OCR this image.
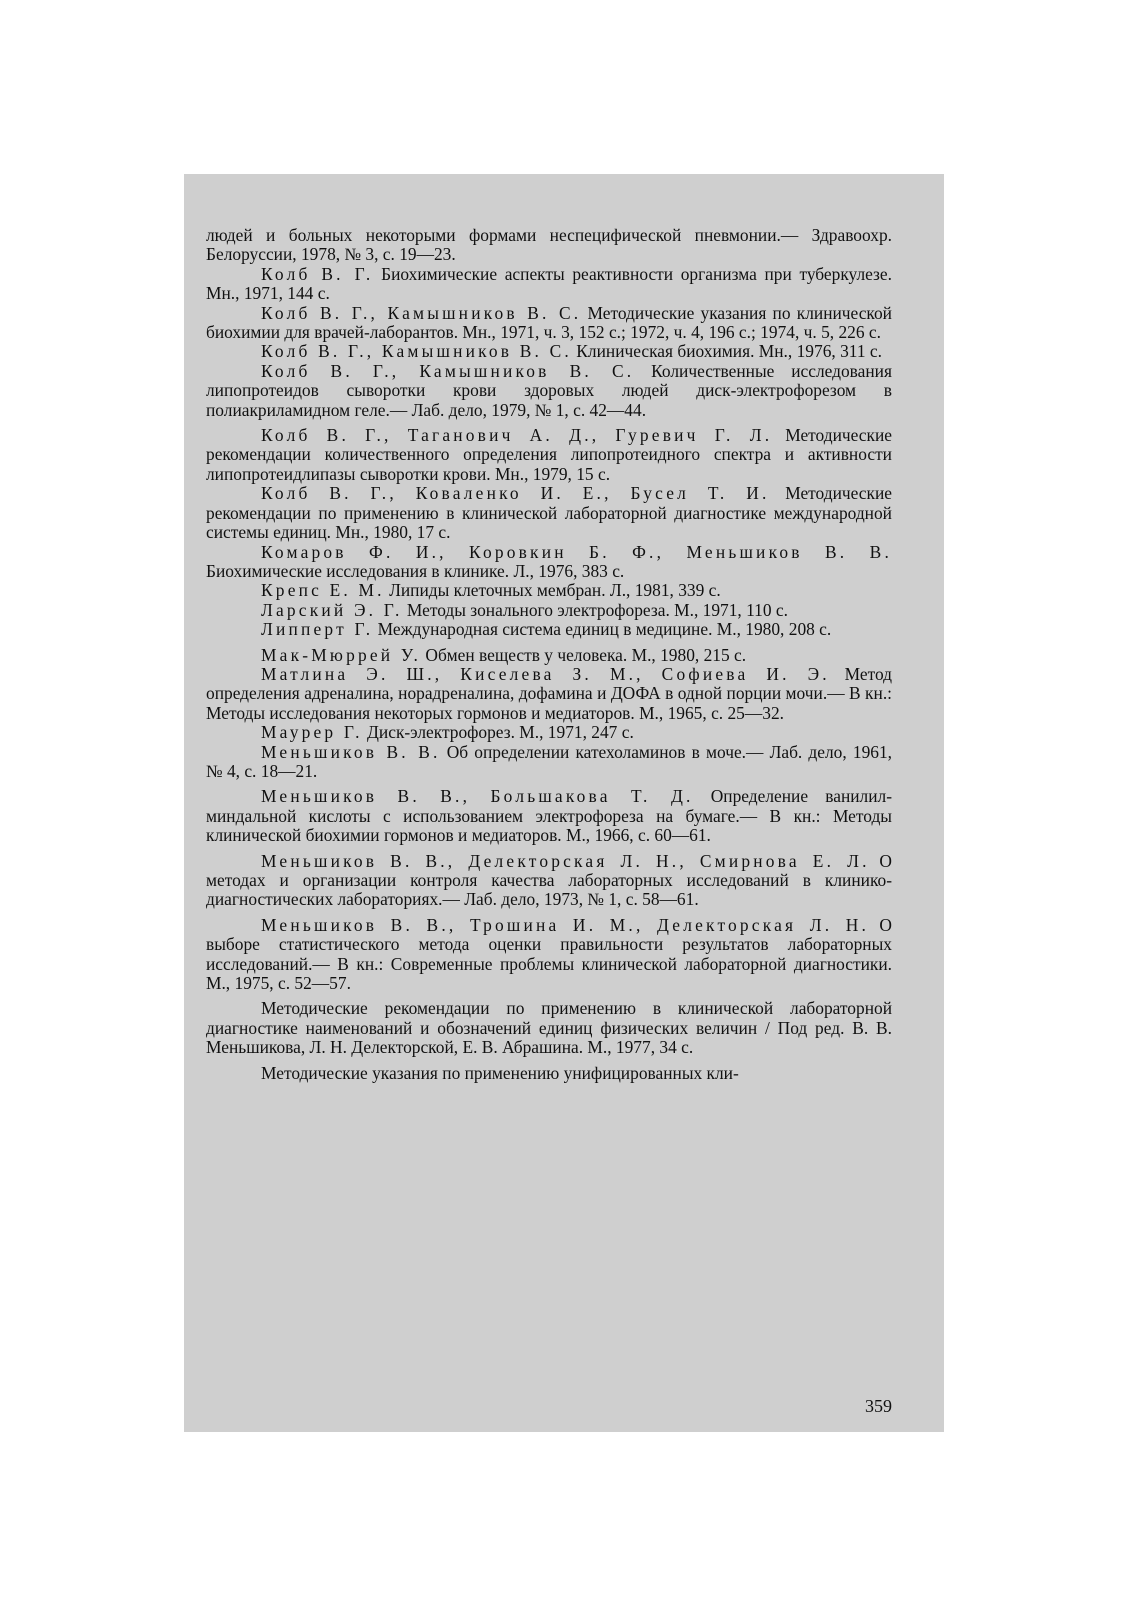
людей и больных некоторыми формами неспецифической пневмонии.— Здравоохр. Белоруссии, 1978, № 3, с. 19—23.

Колб В. Г. Биохимические аспекты реактивности организма при туберкулезе. Мн., 1971, 144 с.

Колб В. Г., Камышников В. С. Методические указания по клинической биохимии для врачей-лаборантов. Мн., 1971, ч. 3, 152 с.; 1972, ч. 4, 196 с.; 1974, ч. 5, 226 с.

Колб В. Г., Камышников В. С. Клиническая биохимия. Мн., 1976, 311 с.

Колб В. Г., Камышников В. С. Количественные исследования липопротеидов сыворотки крови здоровых людей диск-электрофорезом в полиакриламидном геле.— Лаб. дело, 1979, № 1, с. 42—44.

Колб В. Г., Таганович А. Д., Гуревич Г. Л. Методические рекомендации количественного определения липопротеидного спектра и активности липопротеидлипазы сыворотки крови. Мн., 1979, 15 с.

Колб В. Г., Коваленко И. Е., Бусел Т. И. Методические рекомендации по применению в клинической лабораторной диагностике международной системы единиц. Мн., 1980, 17 с.

Комаров Ф. И., Коровкин Б. Ф., Меньшиков В. В. Биохимические исследования в клинике. Л., 1976, 383 с.

Крепс Е. М. Липиды клеточных мембран. Л., 1981, 339 с.

Ларский Э. Г. Методы зонального электрофореза. М., 1971, 110 с.

Липперт Г. Международная система единиц в медицине. М., 1980, 208 с.

Мак-Мюррей У. Обмен веществ у человека. М., 1980, 215 с.

Матлина Э. Ш., Киселева З. М., Софиева И. Э. Метод определения адреналина, норадреналина, дофамина и ДОФА в одной порции мочи.— В кн.: Методы исследования некоторых гормонов и медиаторов. М., 1965, с. 25—32.

Маурер Г. Диск-электрофорез. М., 1971, 247 с.

Меньшиков В. В. Об определении катехоламинов в моче.— Лаб. дело, 1961, № 4, с. 18—21.

Меньшиков В. В., Большакова Т. Д. Определение ванилил-миндальной кислоты с использованием электрофореза на бумаге.— В кн.: Методы клинической биохимии гормонов и медиаторов. М., 1966, с. 60—61.

Меньшиков В. В., Делекторская Л. Н., Смирнова Е. Л. О методах и организации контроля качества лабораторных исследований в клинико-диагностических лабораториях.— Лаб. дело, 1973, № 1, с. 58—61.

Меньшиков В. В., Трошина И. М., Делекторская Л. Н. О выборе статистического метода оценки правильности результатов лабораторных исследований.— В кн.: Современные проблемы клинической лабораторной диагностики. М., 1975, с. 52—57.

Методические рекомендации по применению в клинической лабораторной диагностике наименований и обозначений единиц физических величин / Под ред. В. В. Меньшикова, Л. Н. Делекторской, Е. В. Абрашина. М., 1977, 34 с.

Методические указания по применению унифицированных кли-

359
